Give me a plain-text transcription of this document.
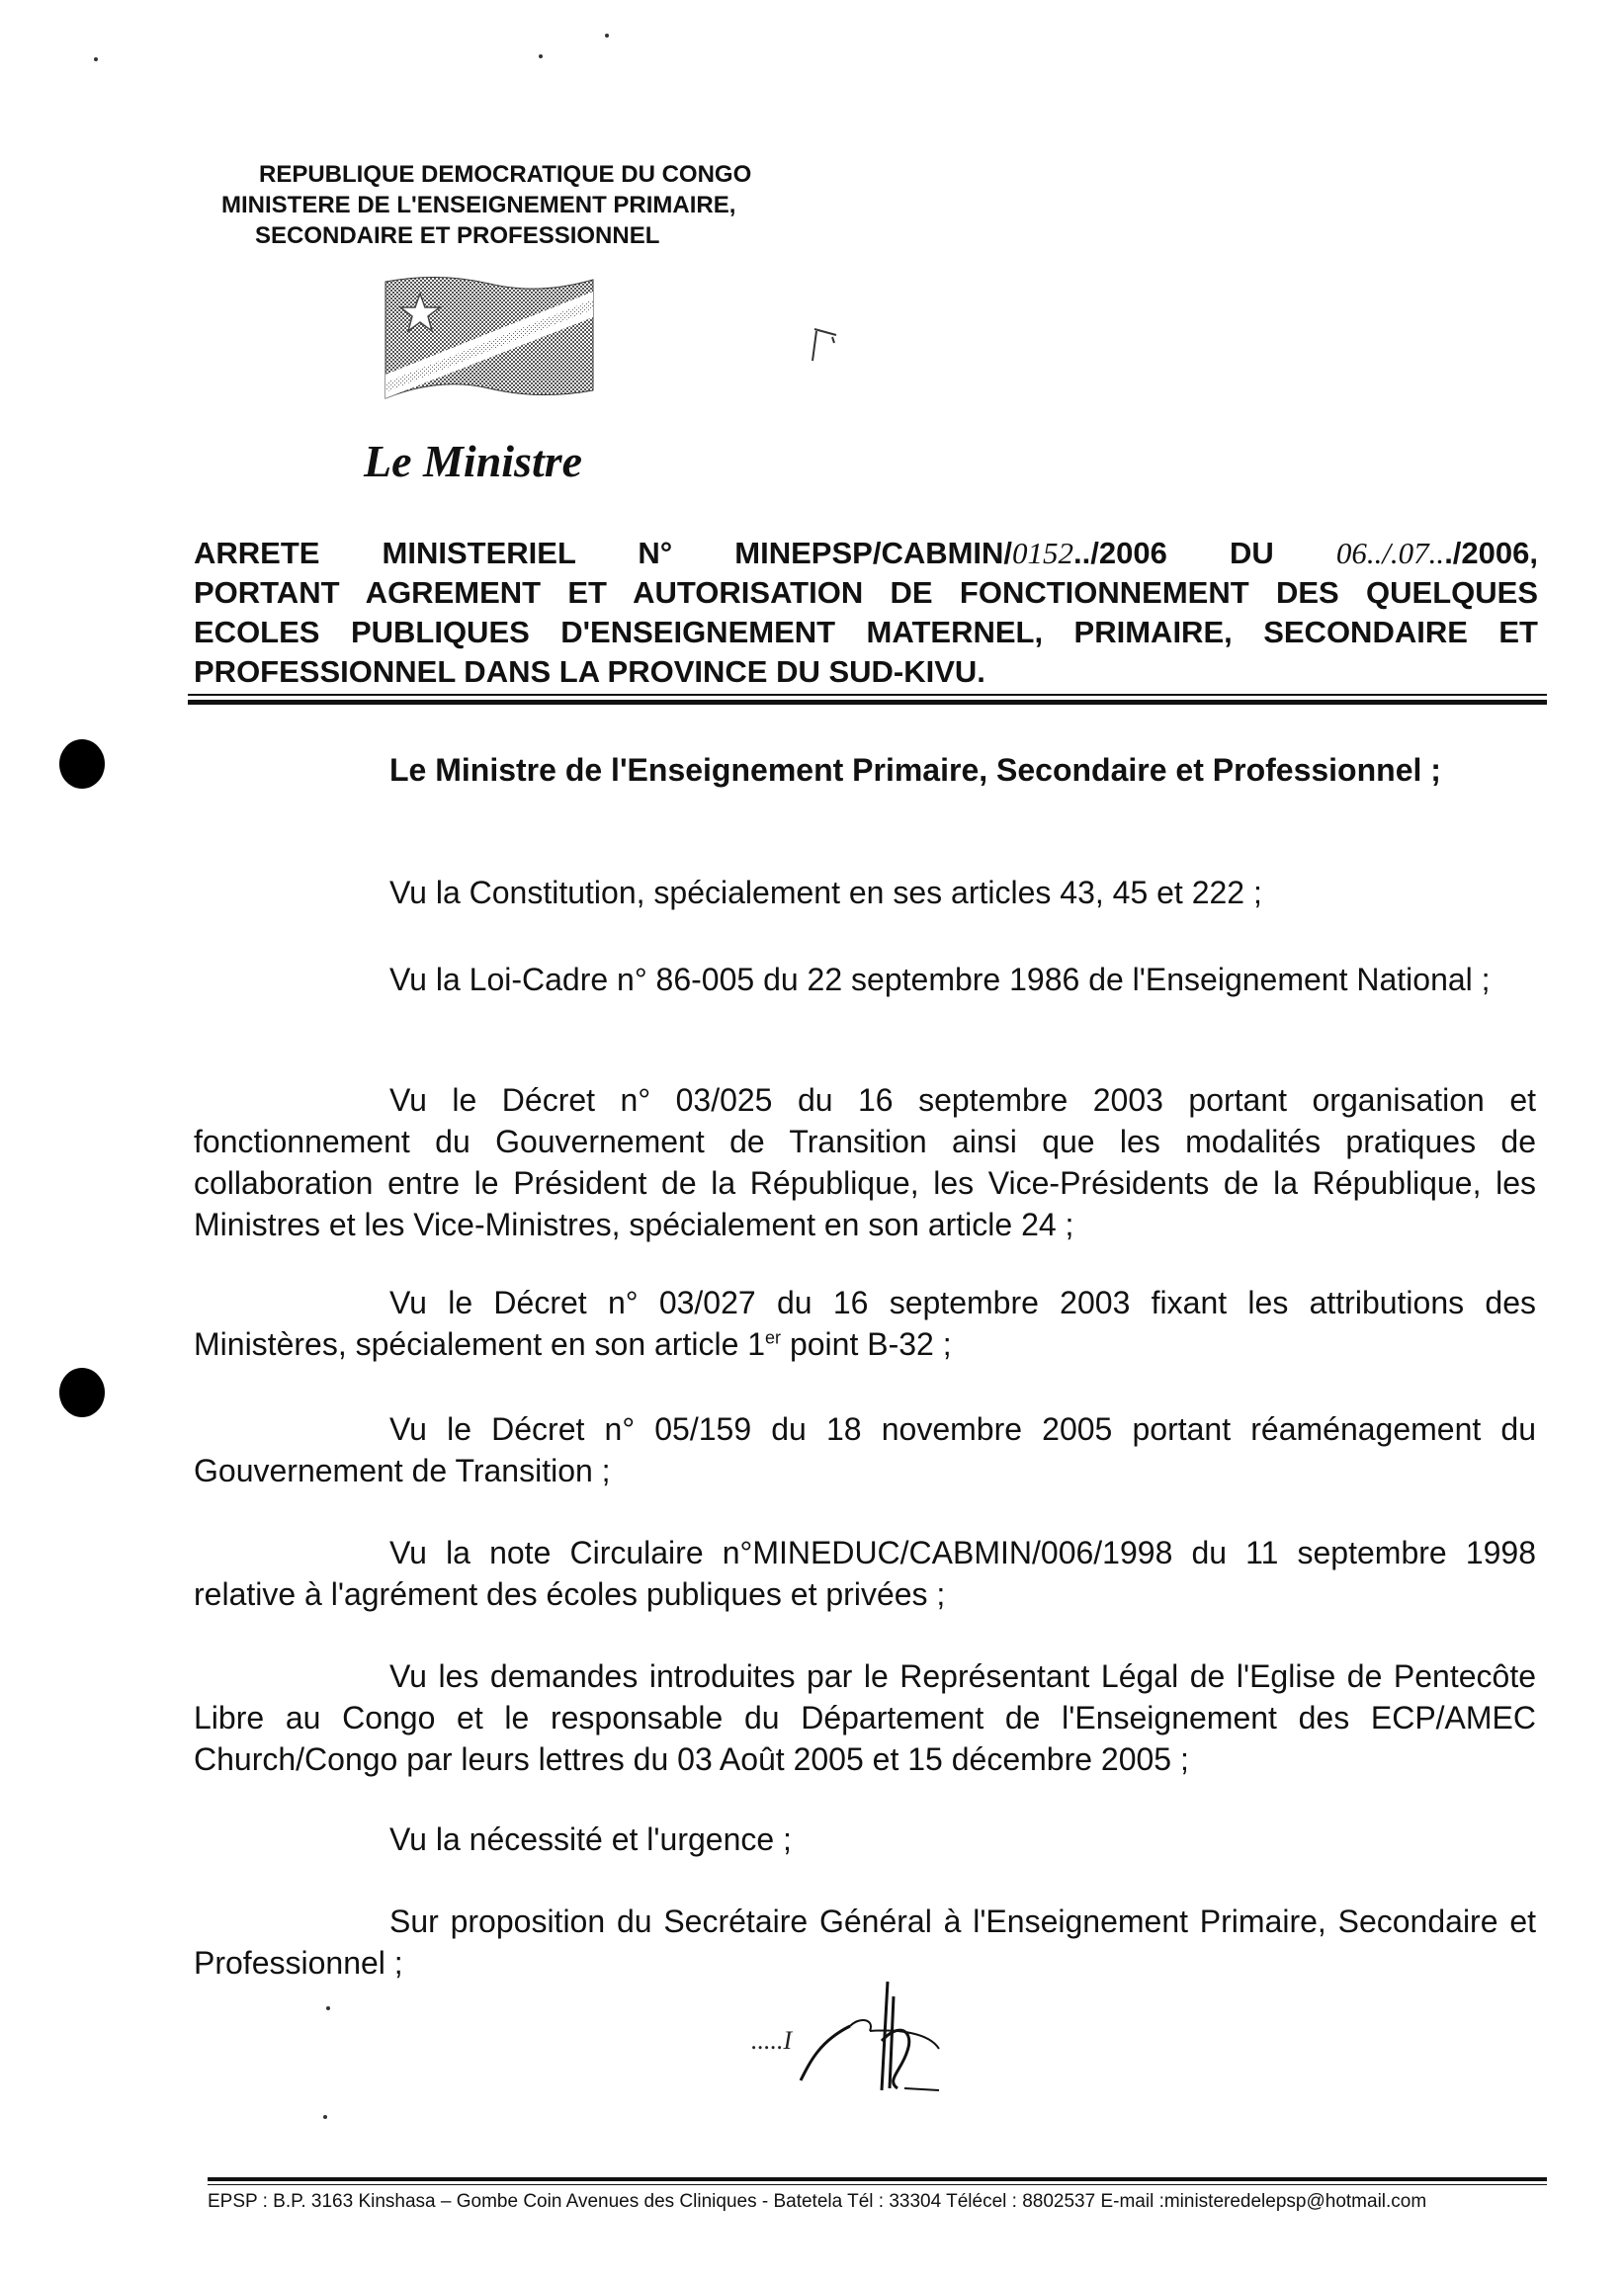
REPUBLIQUE DEMOCRATIQUE DU CONGO
MINISTERE DE L'ENSEIGNEMENT PRIMAIRE,
SECONDAIRE ET PROFESSIONNEL
Le Ministre
ARRETE MINISTERIEL N° MINEPSP/CABMIN/0152../2006 DU 06../.07.../2006,
PORTANT AGREMENT ET AUTORISATION DE FONCTIONNEMENT DES QUELQUES
ECOLES PUBLIQUES D'ENSEIGNEMENT MATERNEL, PRIMAIRE, SECONDAIRE ET
PROFESSIONNEL DANS LA PROVINCE DU SUD-KIVU.
Le Ministre de l'Enseignement Primaire, Secondaire et Professionnel ;
Vu la Constitution, spécialement en ses articles 43, 45 et 222 ;
Vu la Loi-Cadre n° 86-005 du 22 septembre 1986 de l'Enseignement National ;
Vu le Décret n° 03/025 du 16 septembre 2003 portant organisation et fonctionnement du Gouvernement de Transition ainsi que les modalités pratiques de collaboration entre le Président de la République, les Vice-Présidents de la République, les Ministres et les Vice-Ministres, spécialement en son article 24 ;
Vu le Décret n° 03/027 du 16 septembre 2003 fixant les attributions des Ministères, spécialement en son article 1er point B-32 ;
Vu le Décret n° 05/159 du 18 novembre 2005 portant réaménagement du Gouvernement de Transition ;
Vu la note Circulaire n°MINEDUC/CABMIN/006/1998 du 11 septembre 1998 relative à l'agrément des écoles publiques et privées ;
Vu les demandes introduites par le Représentant Légal de l'Eglise de Pentecôte Libre au Congo et le responsable du Département de l'Enseignement des ECP/AMEC Church/Congo par leurs lettres du 03 Août 2005 et 15 décembre 2005 ;
Vu la nécessité et l'urgence ;
Sur proposition du Secrétaire Général à l'Enseignement Primaire, Secondaire et Professionnel ;
.....I
EPSP : B.P. 3163 Kinshasa – Gombe Coin Avenues des Cliniques - Batetela Tél : 33304 Télécel : 8802537 E-mail :ministeredelepsp@hotmail.com
